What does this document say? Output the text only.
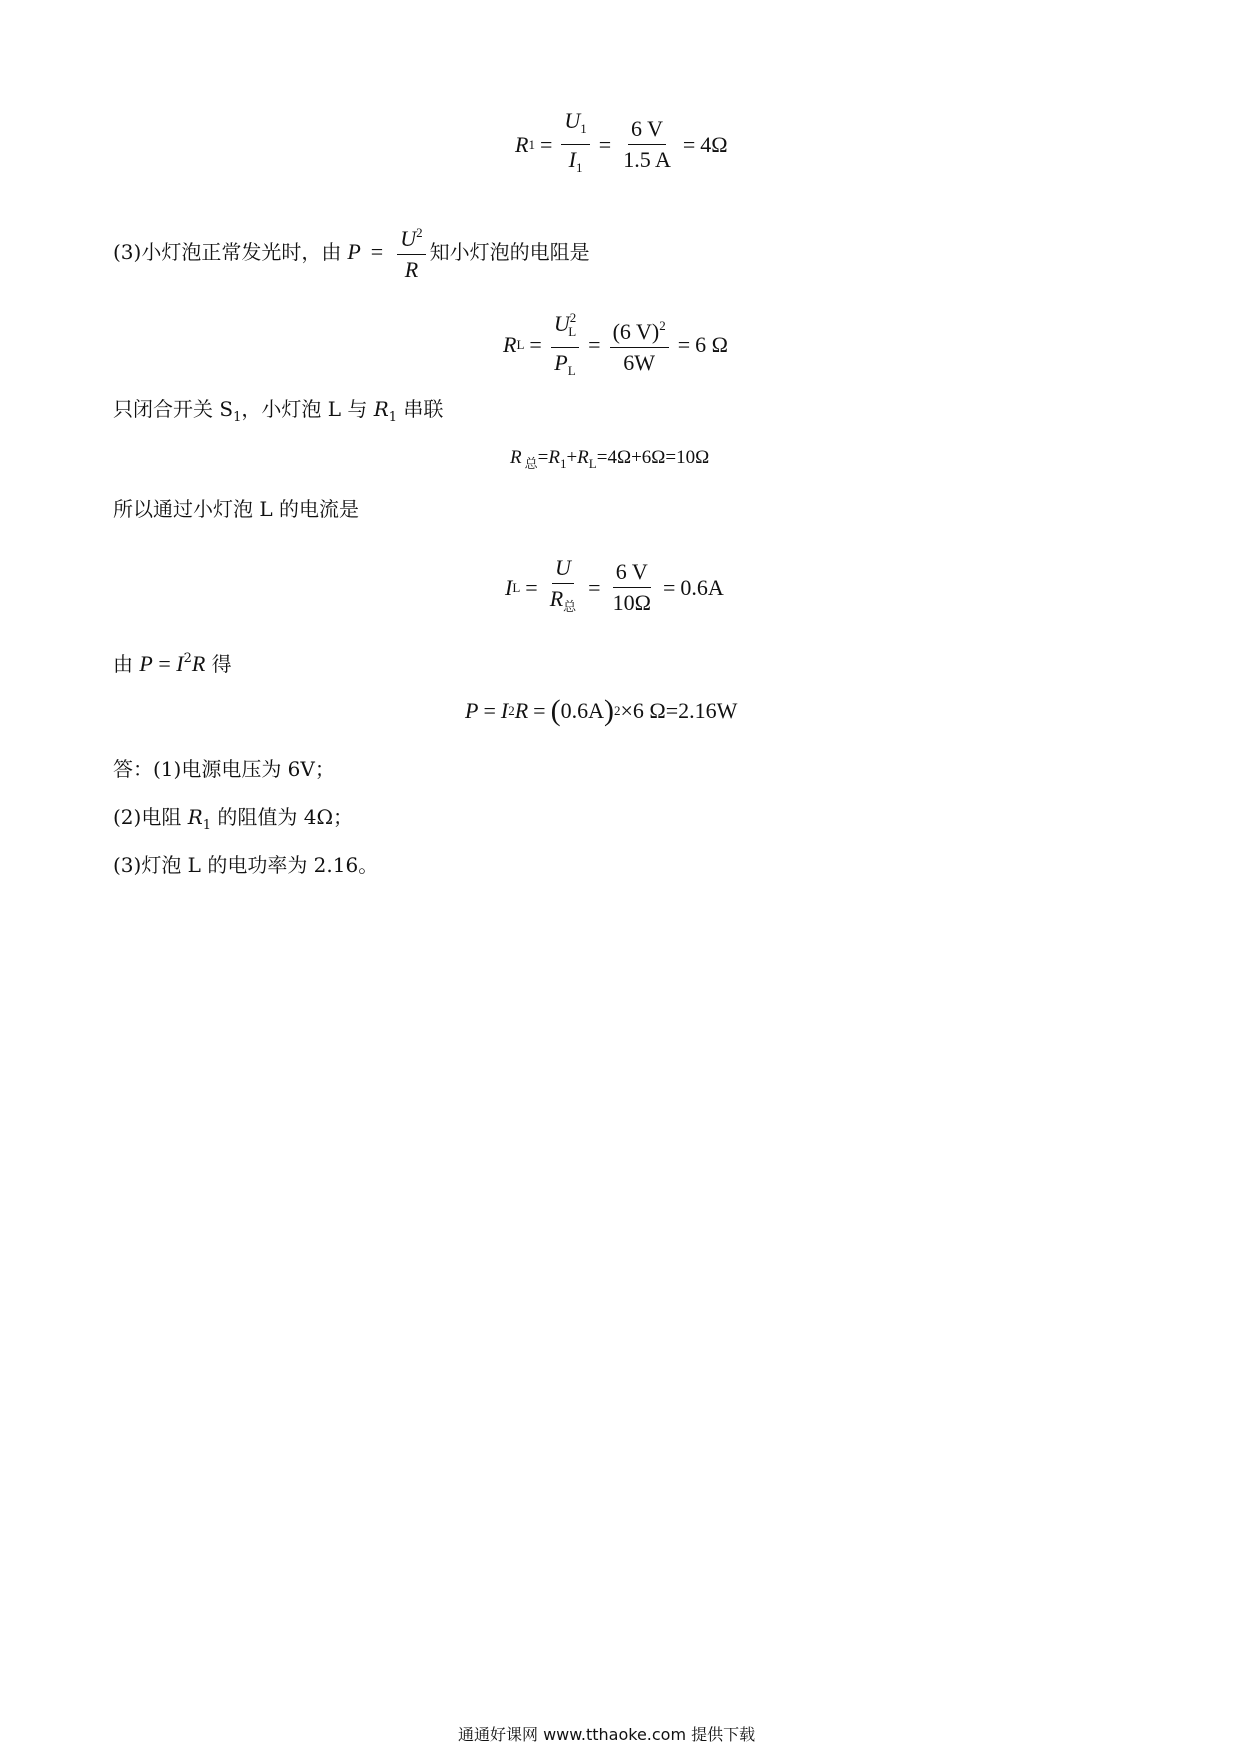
R $1 = \frac{U_1}{I_1} = \frac{6 V}{1.5 A} = 4\Omega$
(3)小灯泡正常发光时，由 $P = \frac{U^2}{R}$ 知小灯泡的电阻是
R $L = \frac{U^2_L}{P_L} = \frac{(6 V)^2}{6W} = 6$ Ω
只闭合开关 $S_1$，小灯泡 L 与 $R_1$ 串联
R $_总=R_1+R_L=4\Omega+6\Omega=10\Omega$
所以通过小灯泡 L 的电流是
I $L = \frac{U}{R_总} = \frac{6 V}{10\Omega} = 0.6A$
由 $P = I^2R$ 得
P = I 2 R = ( 0.6A ) 2 ×6 Ω=2.16W
答：(1)电源电压为 6V；
(2)电阻 $R_1$ 的阻值为 4Ω；
(3)灯泡 L 的电功率为 2.16。
通通好课网 www.tthaoke.com 提供下载
